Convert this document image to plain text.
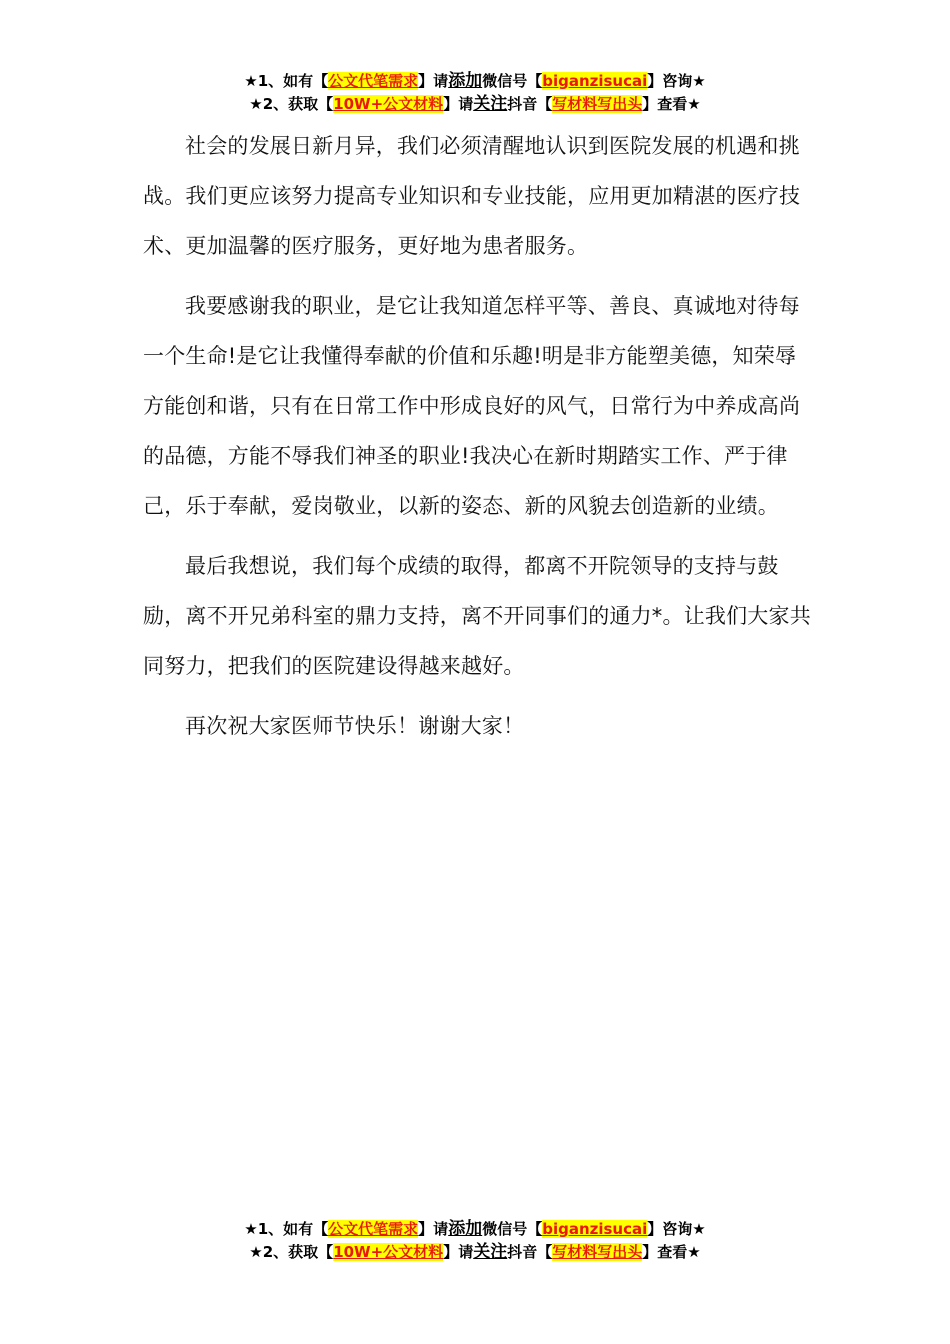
★1、如有【公文代笔需求】请添加微信号【biganzisucai】咨询★
★2、获取【10W+公文材料】请关注抖音【写材料写出头】查看★

社会的发展日新月异，我们必须清醒地认识到医院发展的机遇和挑战。我们更应该努力提高专业知识和专业技能，应用更加精湛的医疗技术、更加温馨的医疗服务，更好地为患者服务。

我要感谢我的职业，是它让我知道怎样平等、善良、真诚地对待每一个生命!是它让我懂得奉献的价值和乐趣!明是非方能塑美德，知荣辱方能创和谐，只有在日常工作中形成良好的风气，日常行为中养成高尚的品德，方能不辱我们神圣的职业!我决心在新时期踏实工作、严于律己，乐于奉献，爱岗敬业，以新的姿态、新的风貌去创造新的业绩。

最后我想说，我们每个成绩的取得，都离不开院领导的支持与鼓励，离不开兄弟科室的鼎力支持，离不开同事们的通力*。让我们大家共同努力，把我们的医院建设得越来越好。

再次祝大家医师节快乐！谢谢大家！

★1、如有【公文代笔需求】请添加微信号【biganzisucai】咨询★
★2、获取【10W+公文材料】请关注抖音【写材料写出头】查看★
